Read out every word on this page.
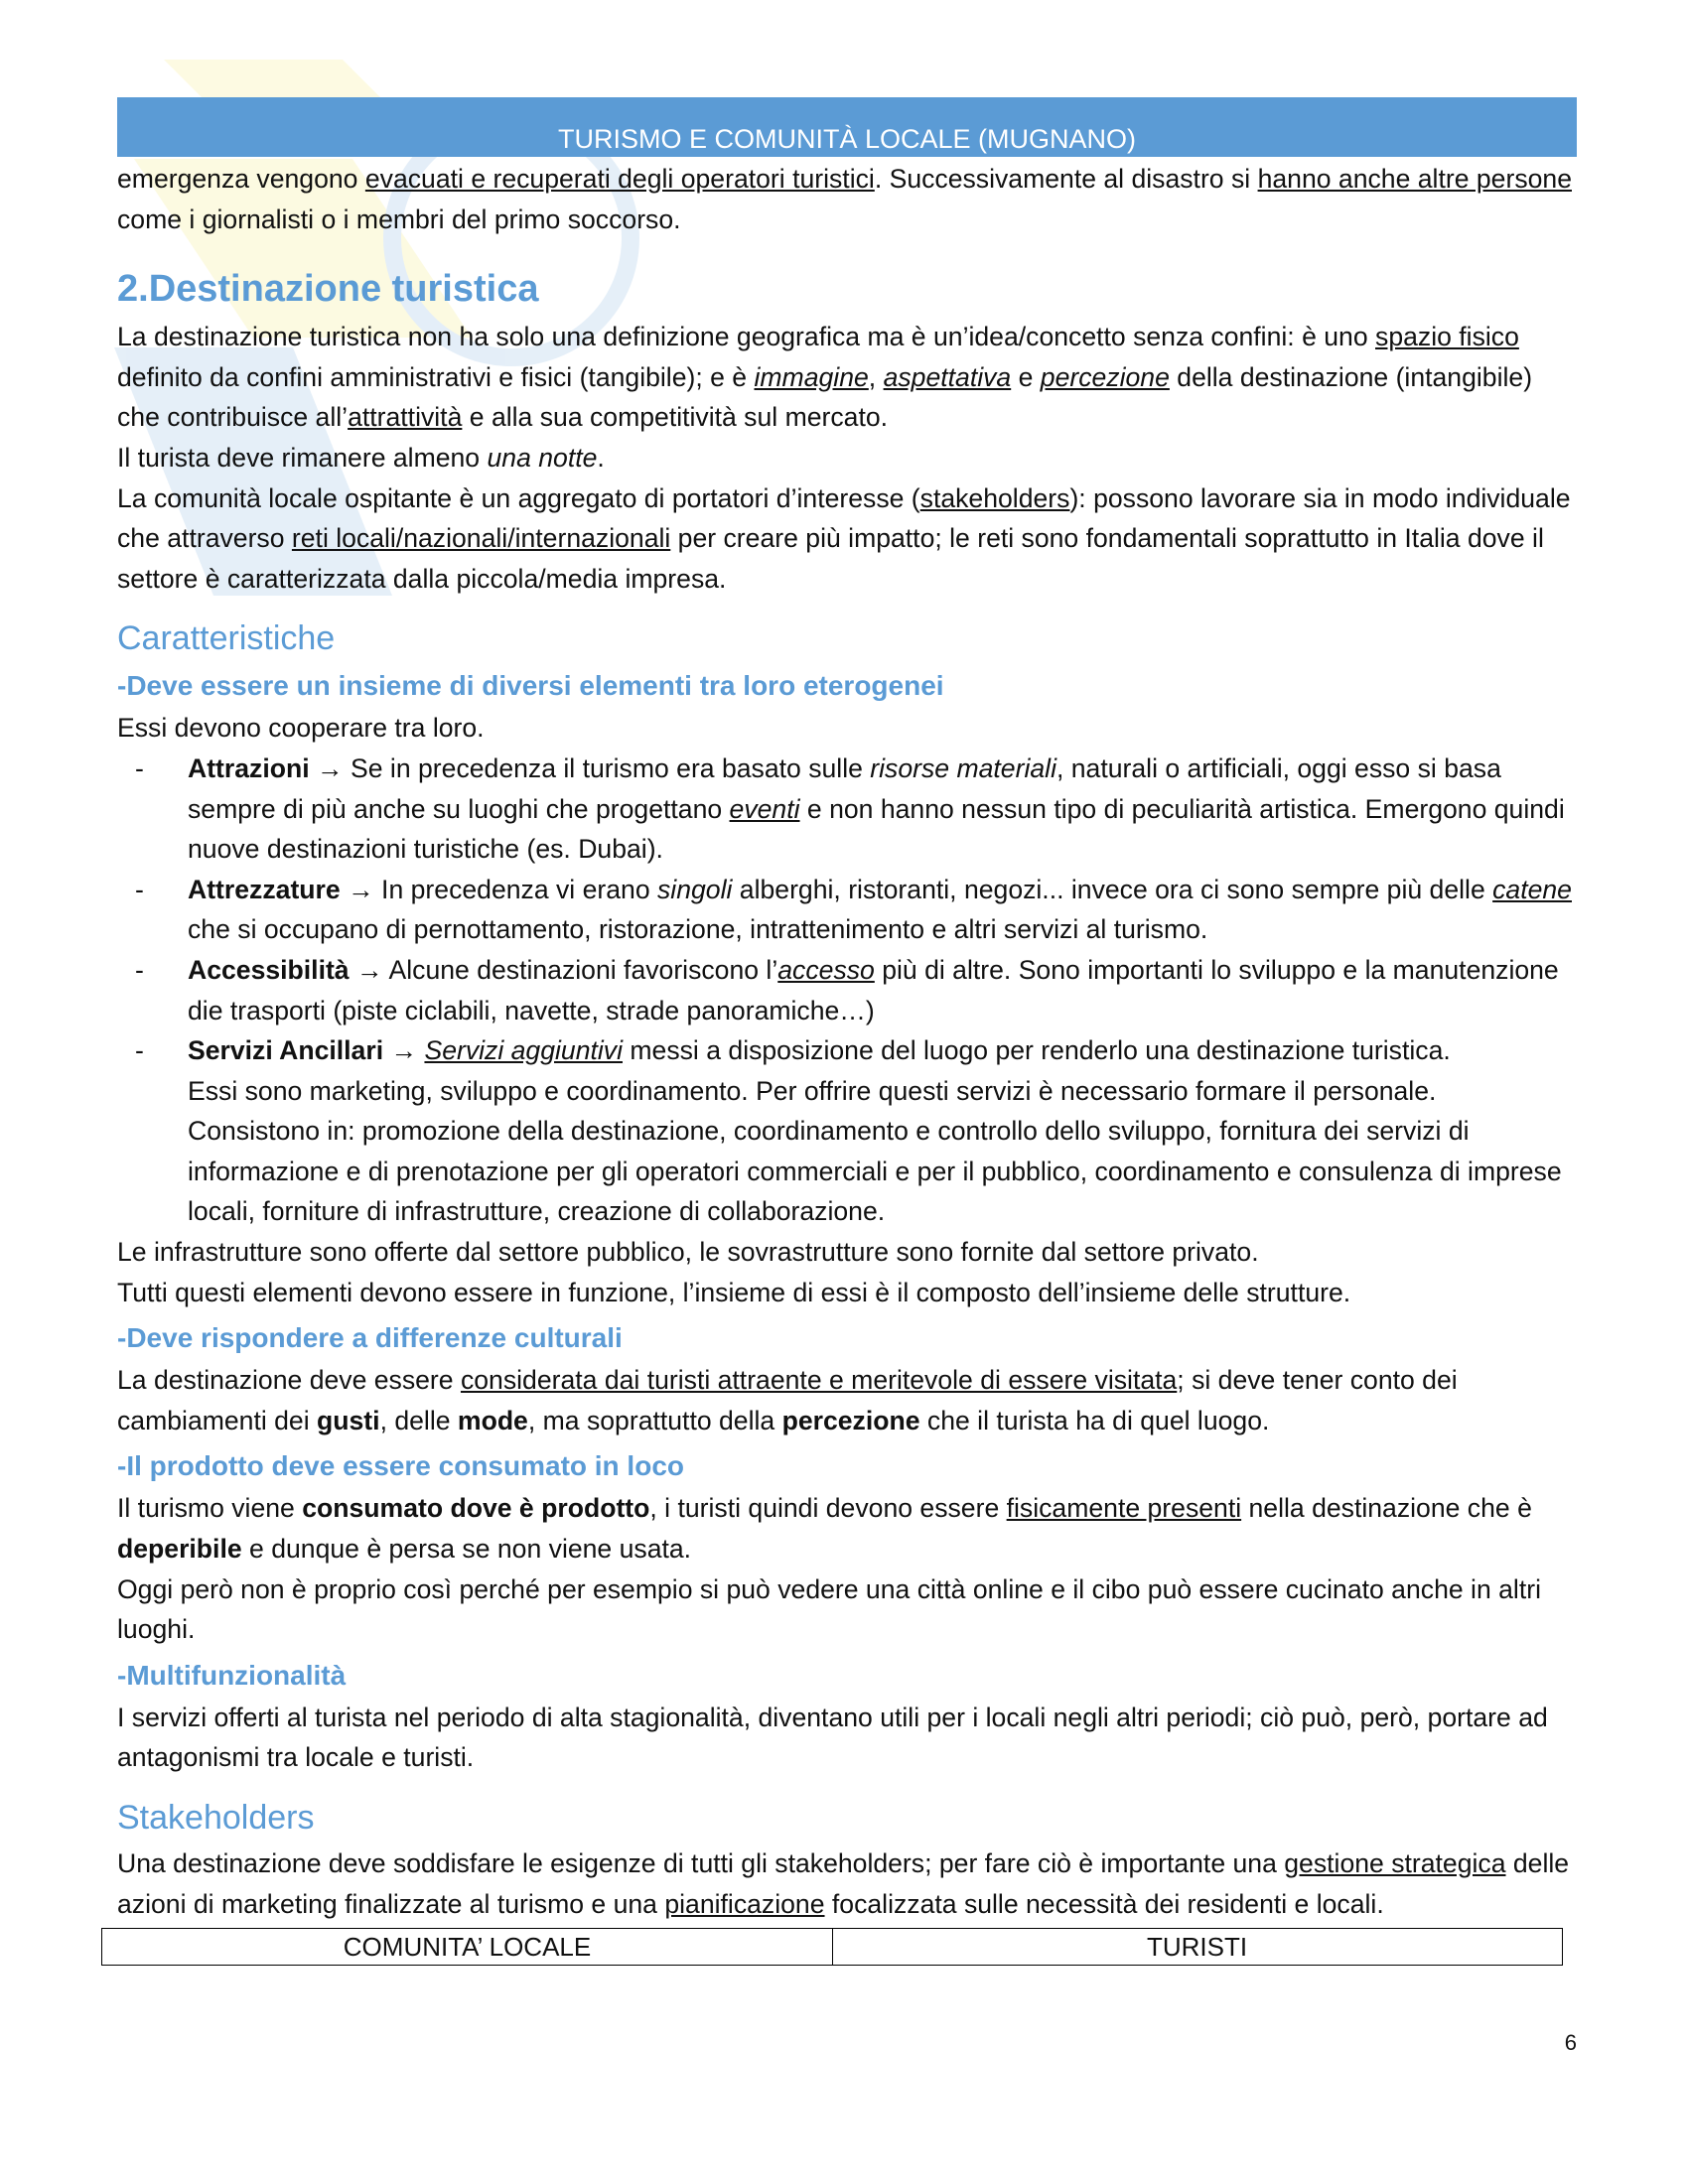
TURISMO E COMUNITÀ LOCALE (MUGNANO)

emergenza vengono evacuati e recuperati degli operatori turistici. Successivamente al disastro si hanno anche altre persone come i giornalisti o i membri del primo soccorso.

2.Destinazione turistica

La destinazione turistica non ha solo una definizione geografica ma è un’idea/concetto senza confini: è uno spazio fisico definito da confini amministrativi e fisici (tangibile); e è immagine, aspettativa e percezione della destinazione (intangibile) che contribuisce all’attrattività e alla sua competitività sul mercato.

Il turista deve rimanere almeno una notte.

La comunità locale ospitante è un aggregato di portatori d’interesse (stakeholders): possono lavorare sia in modo individuale che attraverso reti locali/nazionali/internazionali per creare più impatto; le reti sono fondamentali soprattutto in Italia dove il settore è caratterizzata dalla piccola/media impresa.

Caratteristiche
-Deve essere un insieme di diversi elementi tra loro eterogenei

Essi devono cooperare tra loro.

- Attrazioni → Se in precedenza il turismo era basato sulle risorse materiali, naturali o artificiali, oggi esso si basa sempre di più anche su luoghi che progettano eventi e non hanno nessun tipo di peculiarità artistica. Emergono quindi nuove destinazioni turistiche (es. Dubai).
- Attrezzature → In precedenza vi erano singoli alberghi, ristoranti, negozi... invece ora ci sono sempre più delle catene che si occupano di pernottamento, ristorazione, intrattenimento e altri servizi al turismo.
- Accessibilità → Alcune destinazioni favoriscono l’accesso più di altre. Sono importanti lo sviluppo e la manutenzione die trasporti (piste ciclabili, navette, strade panoramiche…)
- Servizi Ancillari → Servizi aggiuntivi messi a disposizione del luogo per renderlo una destinazione turistica.
Essi sono marketing, sviluppo e coordinamento. Per offrire questi servizi è necessario formare il personale.
Consistono in: promozione della destinazione, coordinamento e controllo dello sviluppo, fornitura dei servizi di informazione e di prenotazione per gli operatori commerciali e per il pubblico, coordinamento e consulenza di imprese locali, forniture di infrastrutture, creazione di collaborazione.

Le infrastrutture sono offerte dal settore pubblico, le sovrastrutture sono fornite dal settore privato.

Tutti questi elementi devono essere in funzione, l’insieme di essi è il composto dell’insieme delle strutture.

-Deve rispondere a differenze culturali

La destinazione deve essere considerata dai turisti attraente e meritevole di essere visitata; si deve tener conto dei cambiamenti dei gusti, delle mode, ma soprattutto della percezione che il turista ha di quel luogo.

-Il prodotto deve essere consumato in loco

Il turismo viene consumato dove è prodotto, i turisti quindi devono essere fisicamente presenti nella destinazione che è deperibile e dunque è persa se non viene usata.

Oggi però non è proprio così perché per esempio si può vedere una città online e il cibo può essere cucinato anche in altri luoghi.

-Multifunzionalità

I servizi offerti al turista nel periodo di alta stagionalità, diventano utili per i locali negli altri periodi; ciò può, però, portare ad antagonismi tra locale e turisti.

Stakeholders

Una destinazione deve soddisfare le esigenze di tutti gli stakeholders; per fare ciò è importante una gestione strategica delle azioni di marketing finalizzate al turismo e una pianificazione focalizzata sulle necessità dei residenti e locali.

COMUNITA’ LOCALE	TURISTI
6
